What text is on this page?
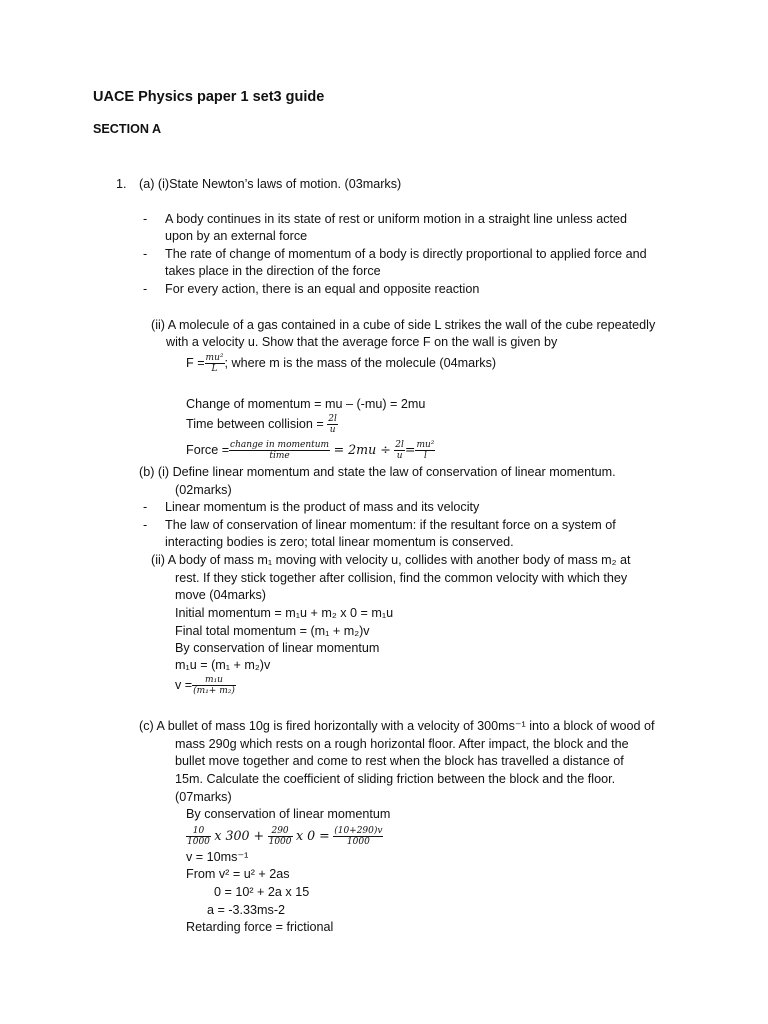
UACE Physics paper 1 set3 guide
SECTION A
1. (a) (i)State Newton’s laws of motion. (03marks)
- A body continues in its state of rest or uniform motion in a straight line unless acted
upon by an external force
- The rate of change of momentum of a body is directly proportional to applied force and
takes place in the direction of the force
- For every action, there is an equal and opposite reaction
(ii) A molecule of a gas contained in a cube of side L strikes the wall of the cube repeatedly
with a velocity u. Show that the average force F on the wall is given by
$F = \frac{\text{mu²}}{L}$ ; where m is the mass of the molecule (04marks)
Change of momentum = mu – (-mu) = 2mu
Time between collision = $\frac{2l}{u}$
Force = $\frac{\text{change in momentum}}{\text{time}} = 2mu \div \frac{2l}{u} = \frac{\text{mu²}}{l}$
(b) (i) Define linear momentum and state the law of conservation of linear momentum.
(02marks)
- Linear momentum is the product of mass and its velocity
- The law of conservation of linear momentum: if the resultant force on a system of
interacting bodies is zero; total linear momentum is conserved.
(ii) A body of mass m₁ moving with velocity u, collides with another body of mass m₂ at
rest. If they stick together after collision, find the common velocity with which they
move (04marks)
Initial momentum = m₁u + m₂ x 0 = m₁u
Final total momentum = (m₁ + m₂)v
By conservation of linear momentum
m₁u = (m₁ + m₂)v
$v = \frac{\text{m₁u}}{\text{(m₁+ m₂)}}$
(c) A bullet of mass 10g is fired horizontally with a velocity of 300ms⁻¹ into a block of wood of
mass 290g which rests on a rough horizontal floor. After impact, the block and the
bullet move together and come to rest when the block has travelled a distance of
15m. Calculate the coefficient of sliding friction between the block and the floor.
(07marks)
By conservation of linear momentum
$\frac{10}{1000}$ x $300 + \frac{290}{1000}$ x $0 = \frac{(10+290)v}{1000}$
v = 10ms⁻¹
From v² = u² + 2as
0 = 10² + 2a x 15
a = -3.33ms-2
Retarding force = frictional
